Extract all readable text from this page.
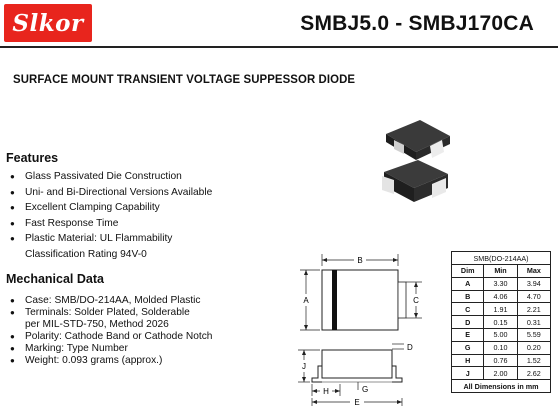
Slkor	SMBJ5.0 - SMBJ170CA
SURFACE MOUNT TRANSIENT VOLTAGE SUPPESSOR DIODE
Features
● Glass Passivated Die Construction
● Uni- and Bi-Directional Versions Available
● Excellent Clamping Capability
● Fast Response Time
● Plastic Material: UL Flammability
Classification Rating 94V-0
Mechanical Data
● Case: SMB/DO-214AA, Molded Plastic
● Terminals: Solder Plated, Solderable
per MIL-STD-750, Method 2026
● Polarity: Cathode Band or Cathode Notch
● Marking: Type Number
● Weight: 0.093 grams (approx.)
B
A	C
D
J
H	G
E
SMB(DO-214AA)		
Dim	Min	Max
A	3.30	3.94
B	4.06	4.70
C	1.91	2.21
D	0.15	0.31
E	5.00	5.59
G	0.10	0.20
H	0.76	1.52
J	2.00	2.62
All Dimensions in mm		
